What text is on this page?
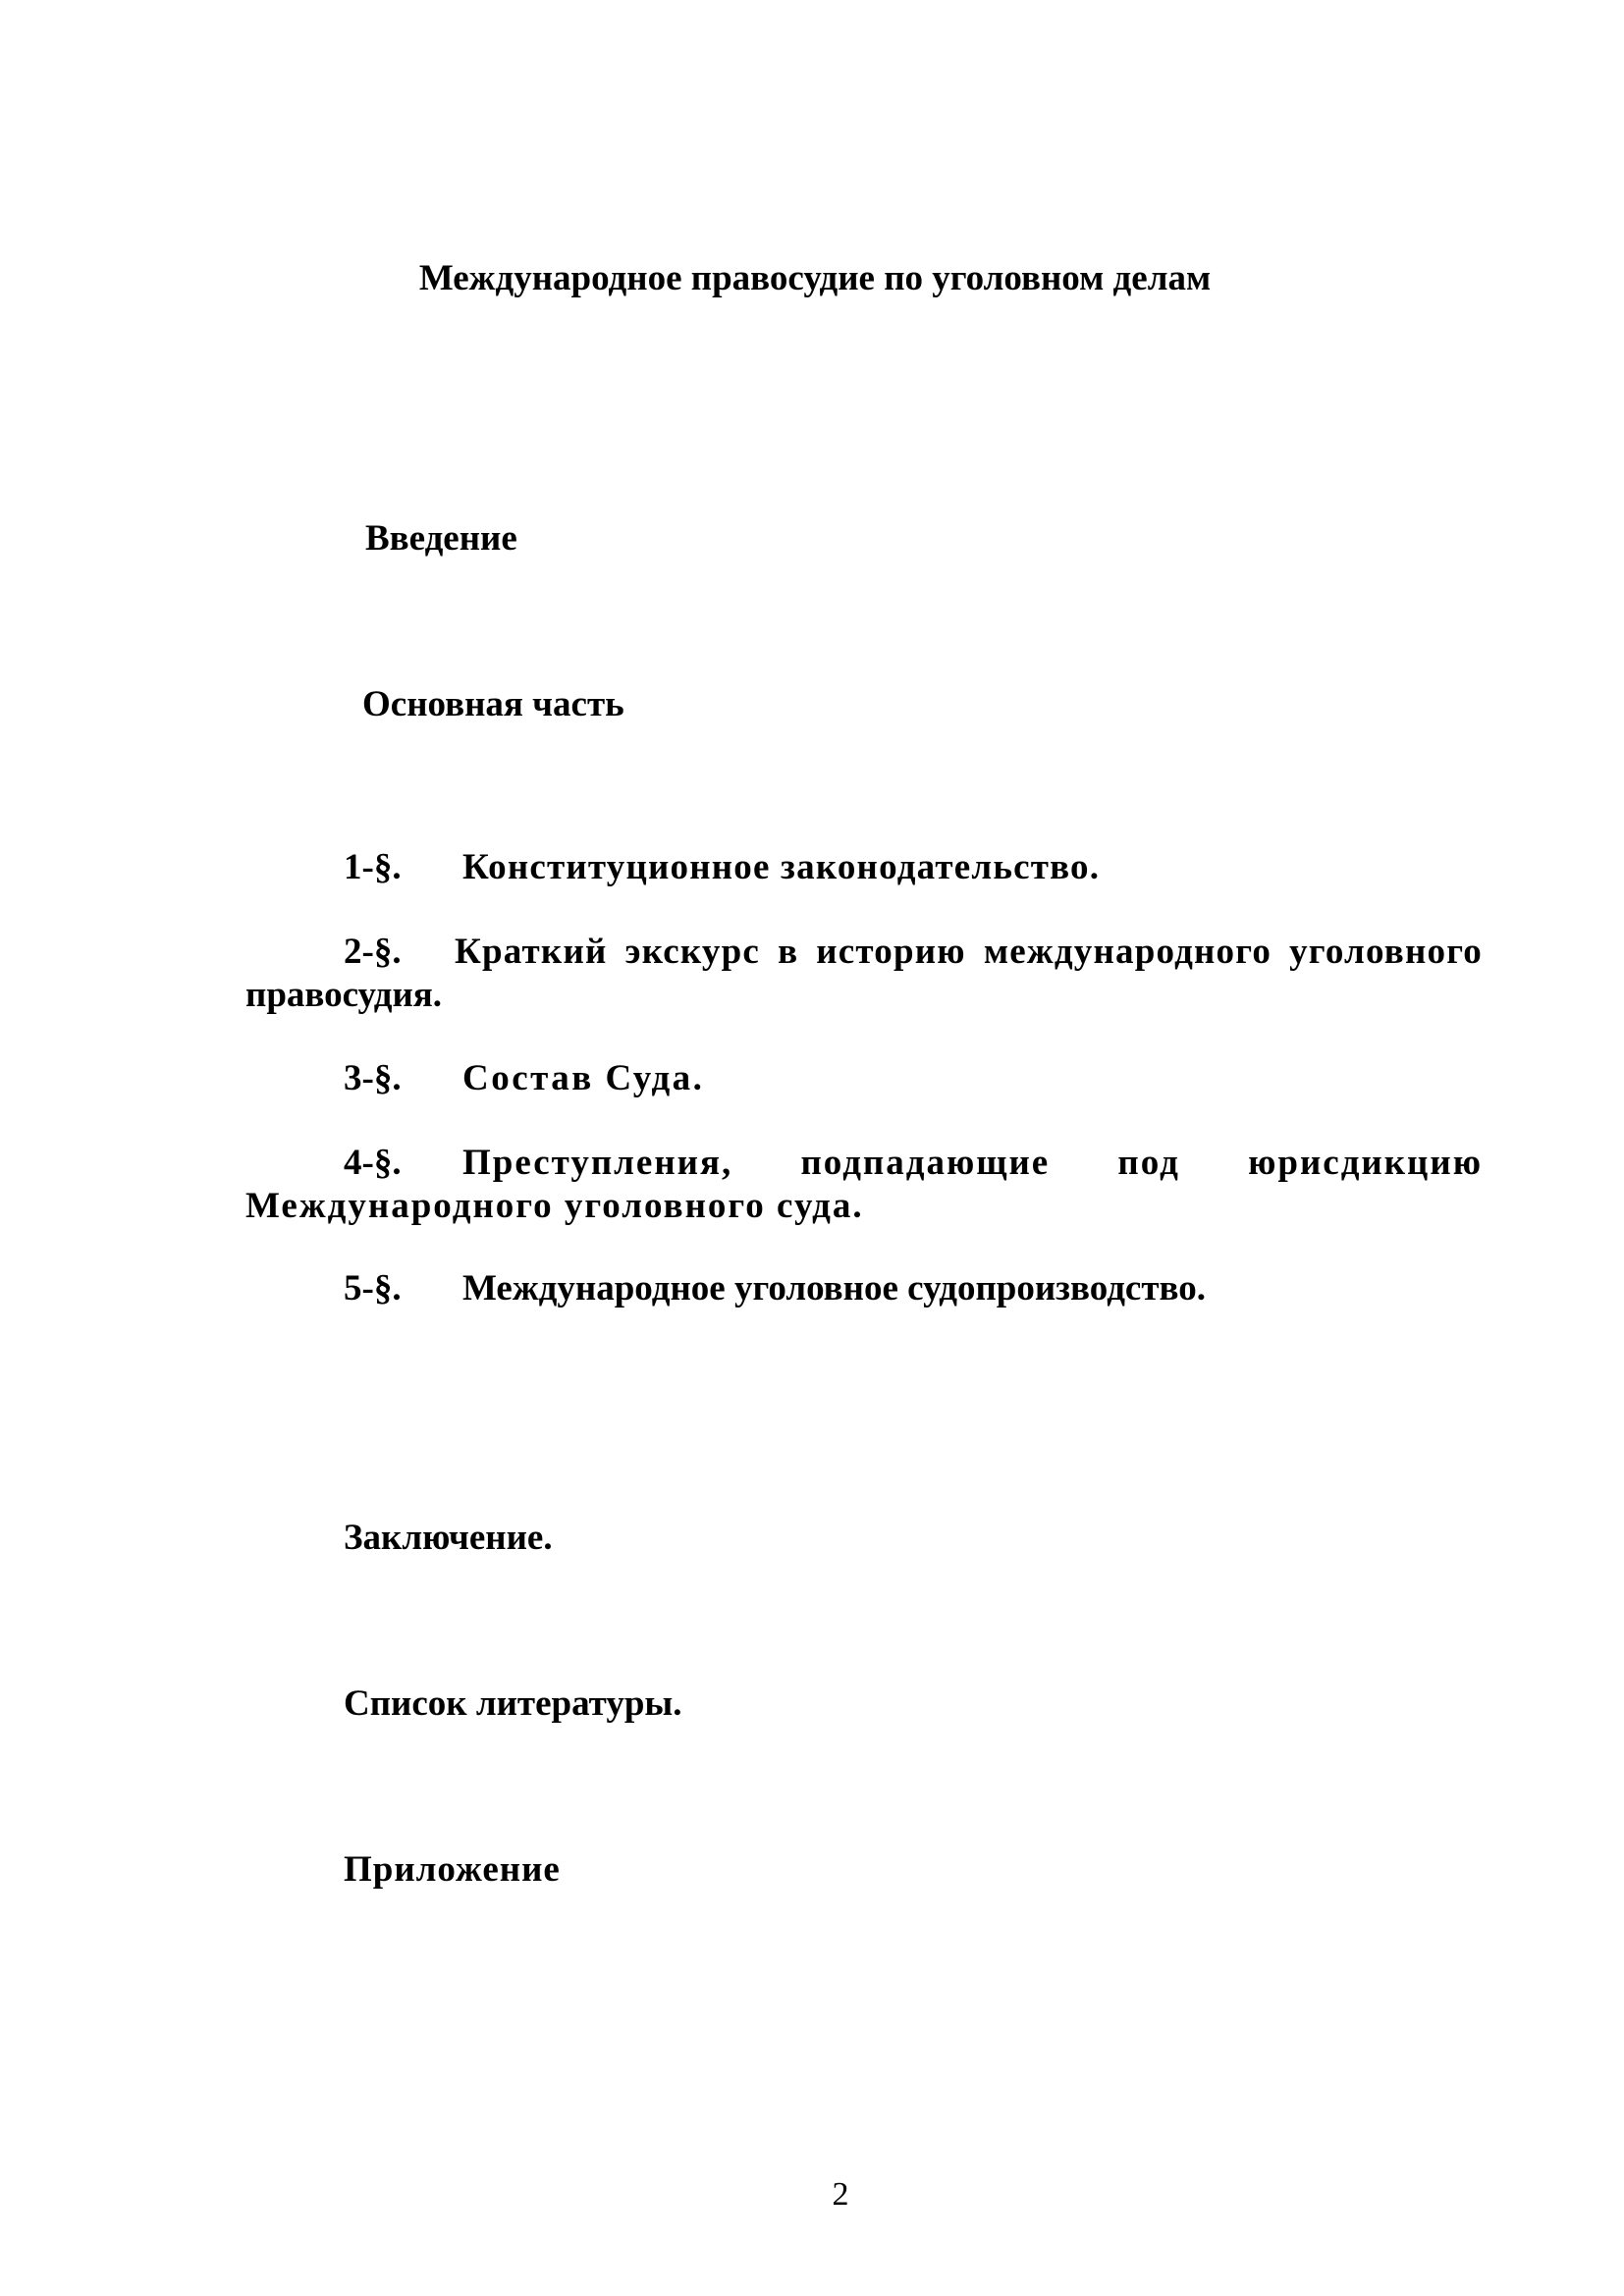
Международное правосудие по уголовном делам
Введение
Основная часть
1-§.	Конституционное законодательство.
2-§.	Краткий экскурс в историю международного уголовного
правосудия.
3-§.	Состав Суда.
4-§.	Преступления, подпадающие под юрисдикцию
Международного уголовного суда.
5-§.	Международное уголовное судопроизводство.
Заключение.
Список литературы.
Приложение
2
